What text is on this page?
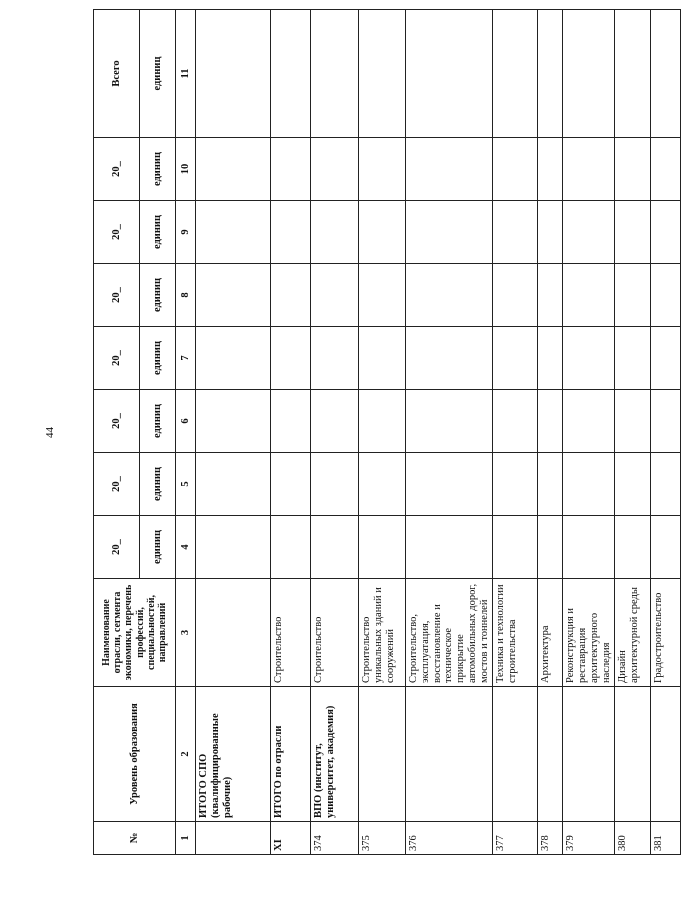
44
№	Уровень образования	Наименование отрасли, сегмента экономики, перечень профессий, специальностей, направлений	20_	20_	20_	20_	20_	20_	20_	Всего
			единиц	единиц	единиц	единиц	единиц	единиц	единиц	единиц
1	2	3	4	5	6	7	8	9	10	11
	ИТОГО СПО (квалифицированные рабочие)									
XI	ИТОГО по отрасли	Строительство								
374	ВПО (институт, университет, академия)	Строительство								
375		Строительство уникальных зданий и сооружений								
376		Строительство, эксплуатация, восстановление и техническое прикрытие автомобильных дорог, мостов и тоннелей								
377		Техника и технологии строительства								
378		Архитектура								
379		Реконструкция и реставрация архитектурного наследия								
380		Дизайн архитектурной среды								
381		Градостроительство								
